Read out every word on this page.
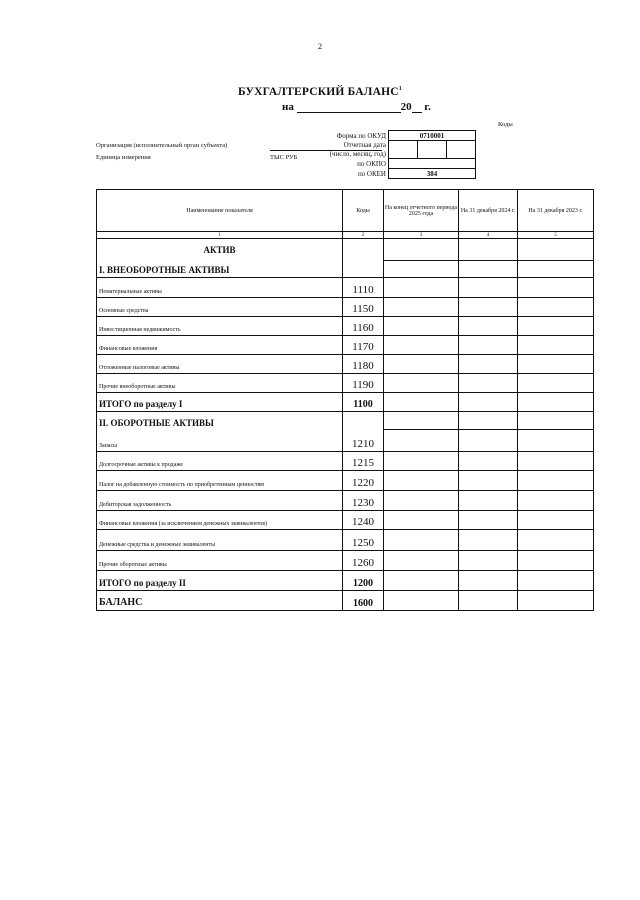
2
БУХГАЛТЕРСКИЙ БАЛАНС$^1$
на	20 г.
Коды
Форма по ОКУД	0710001		
Отчетная дата			
(число, месяц, год)			
по ОКПО			
по ОКЕИ	384		
Организация (исполнительный орган субъекта)
Единица измерения	ТЫС РУБ
Наименование показателя	Коды	На конец отчетного периода 2025 года	На 31 декабря 2024 г.	На 31 декабря 2023 г.
1	2	3	4	5
АКТИВ				
I. ВНЕОБОРОТНЫЕ АКТИВЫ				
Нематериальные активы	1110			
Основные средства	1150			
Инвестиционная недвижимость	1160			
Финансовые вложения	1170			
Отложенные налоговые активы	1180			
Прочие внеоборотные активы	1190			
ИТОГО по разделу I	1100			
II. ОБОРОТНЫЕ АКТИВЫ				
Запасы	1210			
Долгосрочные активы к продаже	1215			
Налог на добавленную стоимость по приобретенным ценностям	1220			
Дебиторская задолженность	1230			
Финансовые вложения (за исключением денежных эквивалентов)	1240			
Денежные средства и денежные эквиваленты	1250			
Прочие оборотные активы	1260			
ИТОГО по разделу II	1200			
БАЛАНС	1600			
